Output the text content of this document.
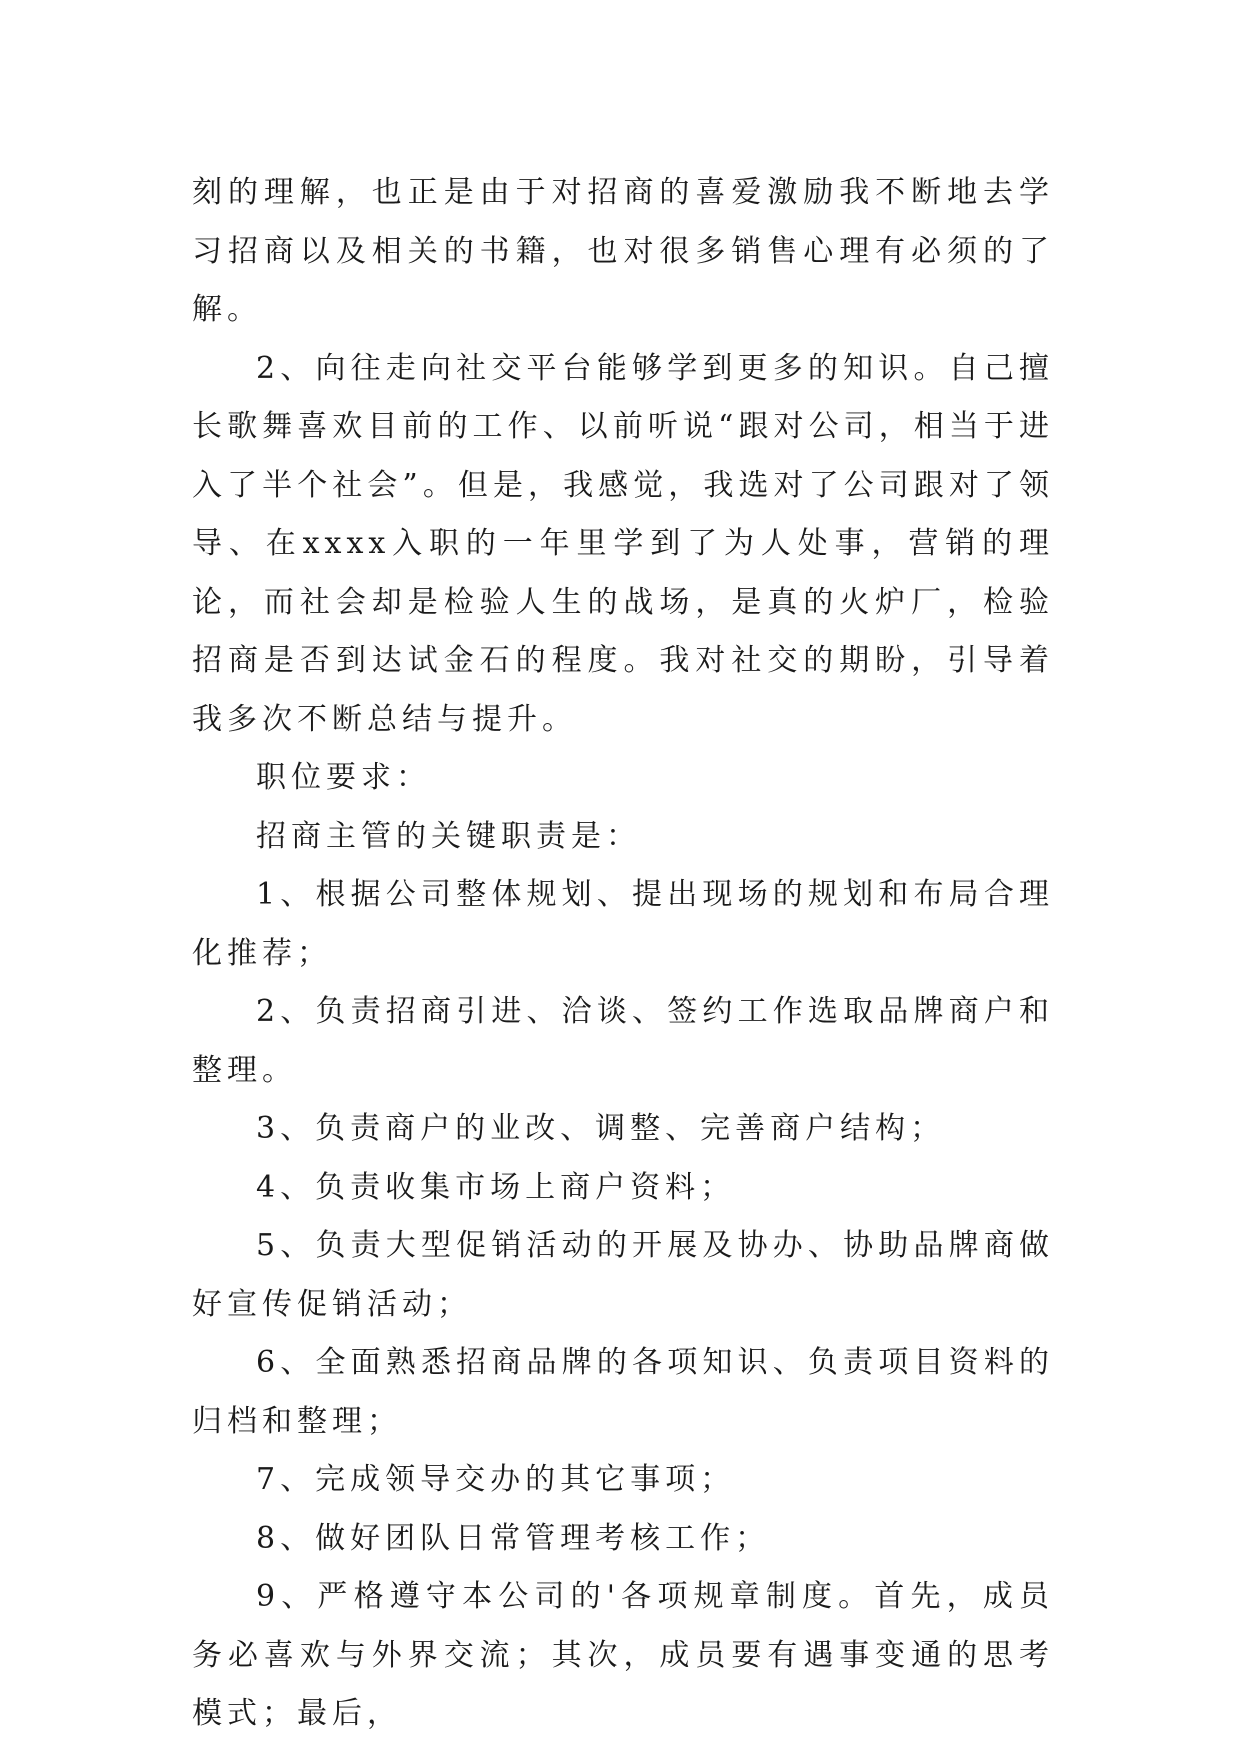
刻的理解，也正是由于对招商的喜爱激励我不断地去学习招商以及相关的书籍，也对很多销售心理有必须的了解。

2、向往走向社交平台能够学到更多的知识。自己擅长歌舞喜欢目前的工作、以前听说“跟对公司，相当于进入了半个社会”。但是，我感觉，我选对了公司跟对了领导、在xxxx入职的一年里学到了为人处事，营销的理论，而社会却是检验人生的战场，是真的火炉厂，检验招商是否到达试金石的程度。我对社交的期盼，引导着我多次不断总结与提升。

职位要求：

招商主管的关键职责是：

1、根据公司整体规划、提出现场的规划和布局合理化推荐；

2、负责招商引进、洽谈、签约工作选取品牌商户和整理。

3、负责商户的业改、调整、完善商户结构；

4、负责收集市场上商户资料；

5、负责大型促销活动的开展及协办、协助品牌商做好宣传促销活动；

6、全面熟悉招商品牌的各项知识、负责项目资料的归档和整理；

7、完成领导交办的其它事项；

8、做好团队日常管理考核工作；

9、严格遵守本公司的'各项规章制度。首先，成员务必喜欢与外界交流；其次，成员要有遇事变通的思考模式；最后，
